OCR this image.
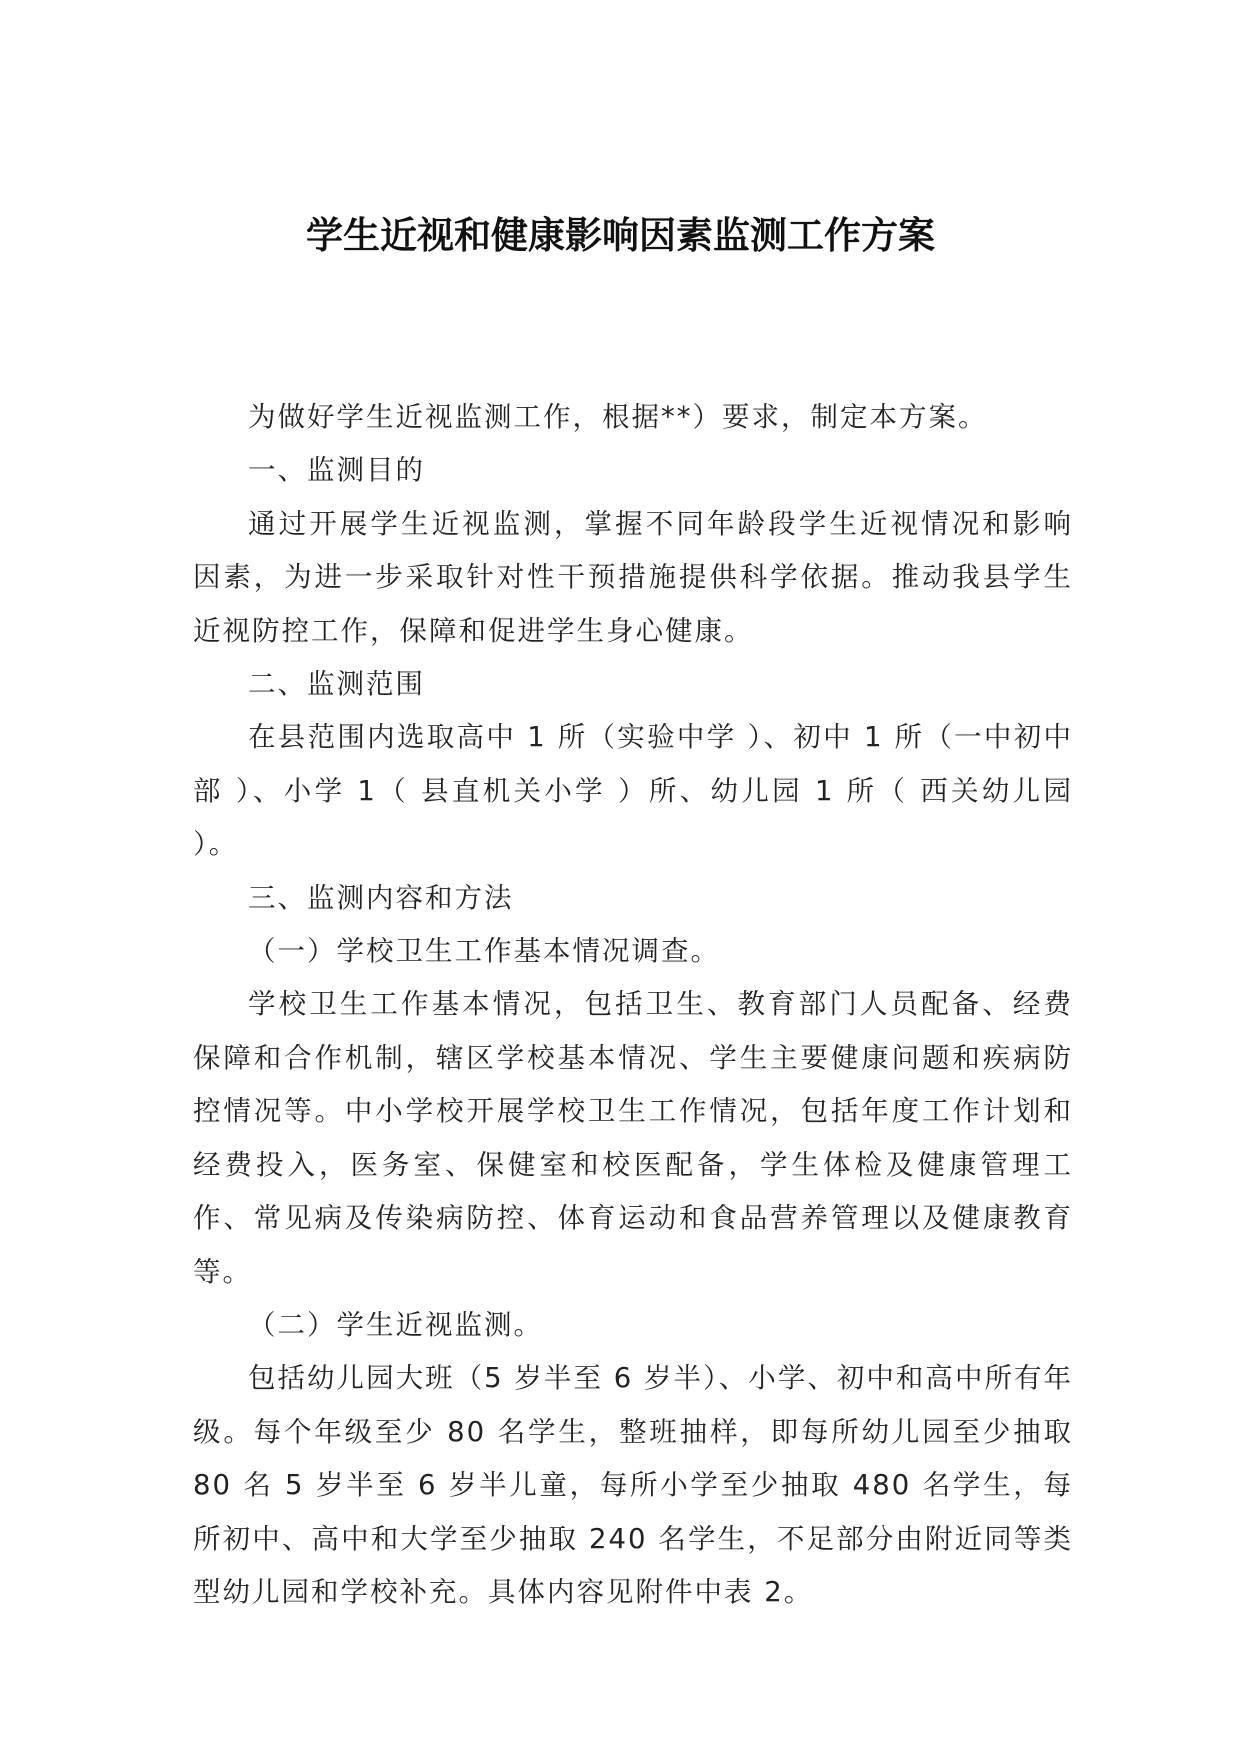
学生近视和健康影响因素监测工作方案

为做好学生近视监测工作，根据**）要求，制定本方案。

一、监测目的

通过开展学生近视监测，掌握不同年龄段学生近视情况和影响因素，为进一步采取针对性干预措施提供科学依据。推动我县学生近视防控工作，保障和促进学生身心健康。

二、监测范围

在县范围内选取高中 1 所（实验中学 ）、初中 1 所（一中初中部 ）、小学 1（ 县直机关小学 ）所、幼儿园 1 所（ 西关幼儿园 ）。

三、监测内容和方法

（一）学校卫生工作基本情况调查。

学校卫生工作基本情况，包括卫生、教育部门人员配备、经费保障和合作机制，辖区学校基本情况、学生主要健康问题和疾病防控情况等。中小学校开展学校卫生工作情况，包括年度工作计划和经费投入，医务室、保健室和校医配备，学生体检及健康管理工作、常见病及传染病防控、体育运动和食品营养管理以及健康教育等。

（二）学生近视监测。

包括幼儿园大班（5 岁半至 6 岁半）、小学、初中和高中所有年级。每个年级至少 80 名学生，整班抽样，即每所幼儿园至少抽取 80 名 5 岁半至 6 岁半儿童，每所小学至少抽取 480 名学生，每所初中、高中和大学至少抽取 240 名学生，不足部分由附近同等类型幼儿园和学校补充。具体内容见附件中表 2。
